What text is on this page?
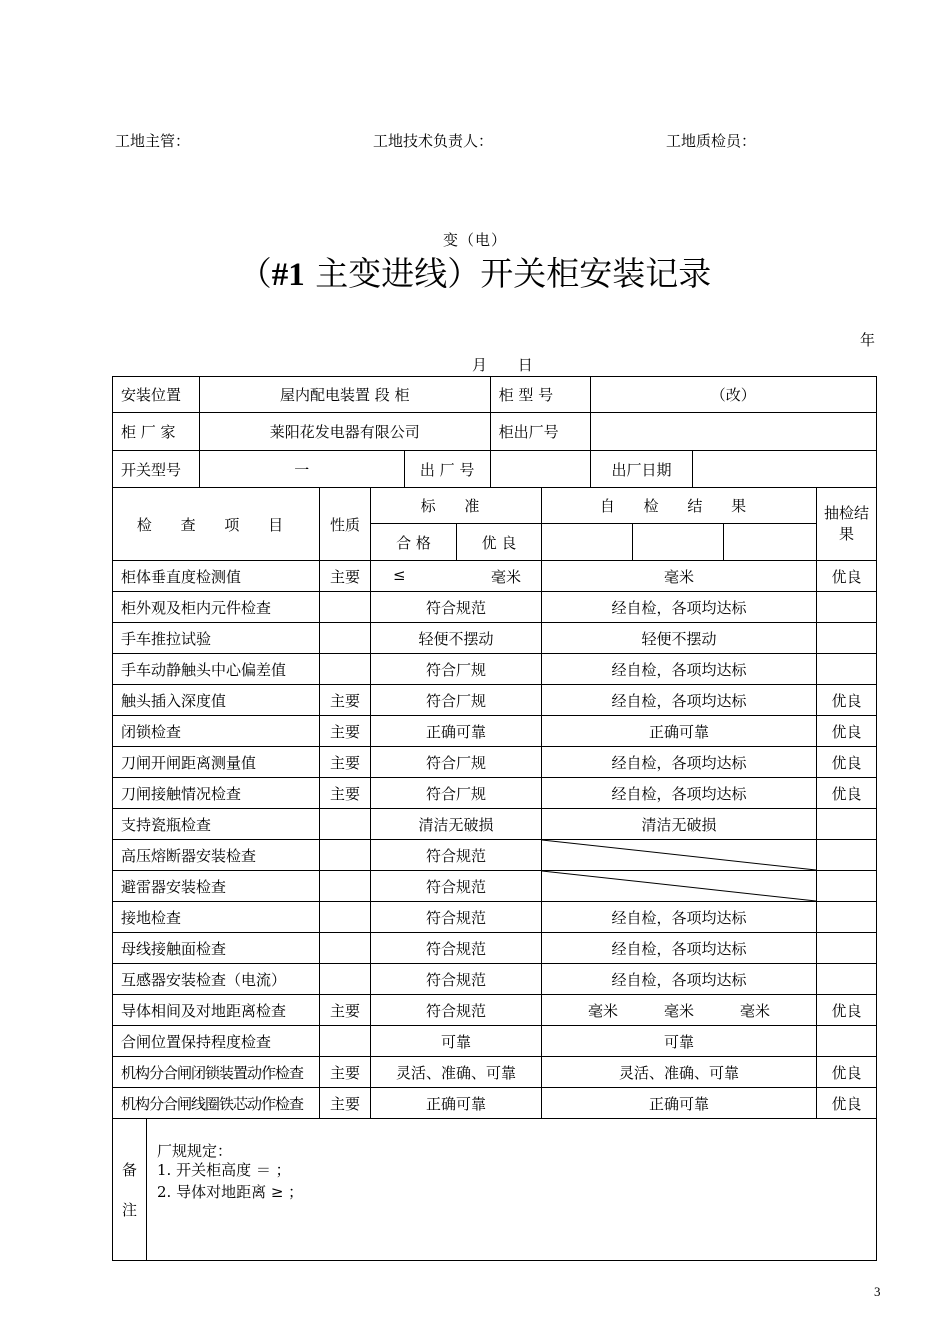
工地主管：	工地技术负责人：	工地质检员：
变（电）
（#1 主变进线）开关柜安装记录
年
月 日
安装位置	屋内配电装置 段 柜		柜 型 号	（改）	
柜 厂 家	莱阳花发电器有限公司		柜出厂号		
开关型号	一	出 厂 号		出厂日期	
检 查 项 目	性质	标 准	自 检 结 果	抽检结果
合 格	优 良			
柜体垂直度检测值	主要	≤	毫米	毫米	优良
柜外观及柜内元件检查		符合规范	经自检，各项均达标	
手车推拉试验		轻便不摆动	轻便不摆动	
手车动静触头中心偏差值		符合厂规	经自检，各项均达标	
触头插入深度值	主要	符合厂规	经自检，各项均达标	优良
闭锁检查	主要	正确可靠	正确可靠	优良
刀闸开闸距离测量值	主要	符合厂规	经自检，各项均达标	优良
刀闸接触情况检查	主要	符合厂规	经自检，各项均达标	优良
支持瓷瓶检查		清洁无破损	清洁无破损	
高压熔断器安装检查		符合规范	

避雷器安装检查		符合规范	

接地检查		符合规范	经自检，各项均达标	
母线接触面检查		符合规范	经自检，各项均达标	
互感器安装检查（电流）		符合规范	经自检，各项均达标	
导体相间及对地距离检查	主要	符合规范	毫米	毫米	毫米	优良
合闸位置保持程度检查		可靠	可靠	
机构分合闸闭锁装置动作检查	主要	灵活、准确、可靠	灵活、准确、可靠	优良
机构分合闸线圈铁芯动作检查	主要	正确可靠	正确可靠	优良

备
注

厂规规定：
1. 开关柜高度 ＝ ；
2. 导体对地距离 ≥ ；
3
